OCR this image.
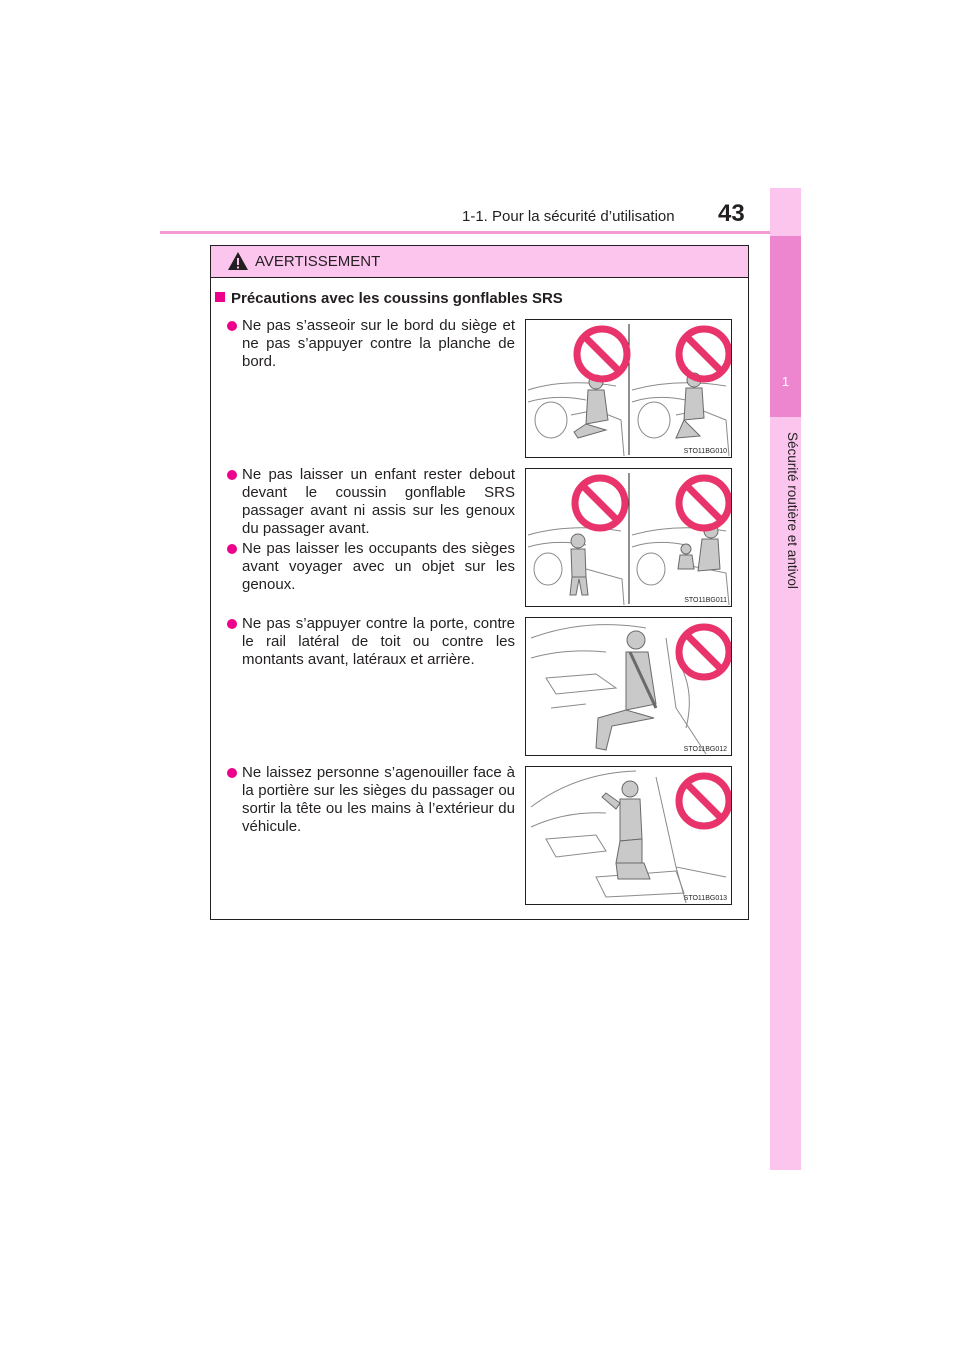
1-1. Pour la sécurité d’utilisation 43
1
Sécurité routière et antivol
AVERTISSEMENT
Précautions avec les coussins gonflables SRS
Ne pas s’asseoir sur le bord du siège et ne pas s’appuyer contre la planche de bord.
Ne pas laisser un enfant rester debout devant le coussin gonflable SRS passager avant ni assis sur les genoux du passager avant.
Ne pas laisser les occupants des sièges avant voyager avec un objet sur les genoux.
Ne pas s’appuyer contre la porte, contre le rail latéral de toit ou contre les montants avant, latéraux et arrière.
Ne laissez personne s’agenouiller face à la portière sur les sièges du passager ou sortir la tête ou les mains à l’extérieur du véhicule.
STO11BG010
STO11BG011
STO11BG012
STO11BG013
